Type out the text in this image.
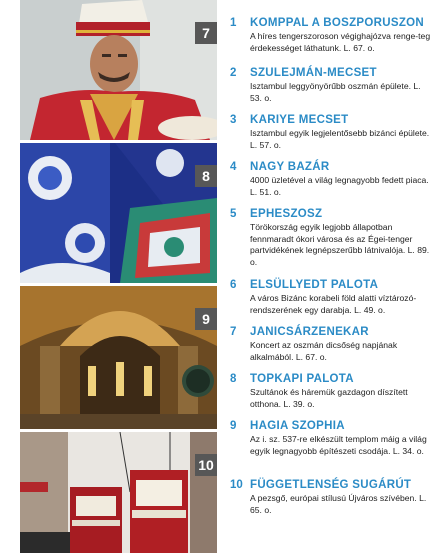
7
8
9
10
1	KOMPPAL A BOSZPORUSZON
A híres tengerszoroson végighajózva renge-teg érdekességet láthatunk. L. 67. o.
2	SZULEJMÁN-MECSET
Isztambul leggyönyörűbb oszmán épülete. L. 53. o.
3	KARIYE MECSET
Isztambul egyik legjelentősebb bizánci épülete. L. 57. o.
4	NAGY BAZÁR
4000 üzletével a világ legnagyobb fedett piaca. L. 51. o.
5	EPHESZOSZ
Törökország egyik legjobb állapotban fennmaradt ókori városa és az Égei-tenger partvidékének legnépszerűbb látnivalója. L. 89. o.
6	ELSÜLLYEDT PALOTA
A város Bizánc korabeli föld alatti víztározó-rendszerének egy darabja. L. 49. o.
7	JANICSÁRZENEKAR
Koncert az oszmán dicsőség napjának alkalmából. L. 67. o.
8	TOPKAPI PALOTA
Szultánok és háremük gazdagon díszített otthona. L. 39. o.
9	HAGIA SZOPHIA
Az i. sz. 537-re elkészült templom máig a világ egyik legnagyobb építészeti csodája. L. 34. o.
10 FÜGGETLENSÉG SUGÁRÚT
A pezsgő, európai stílusú Újváros szívében. L. 65. o.
